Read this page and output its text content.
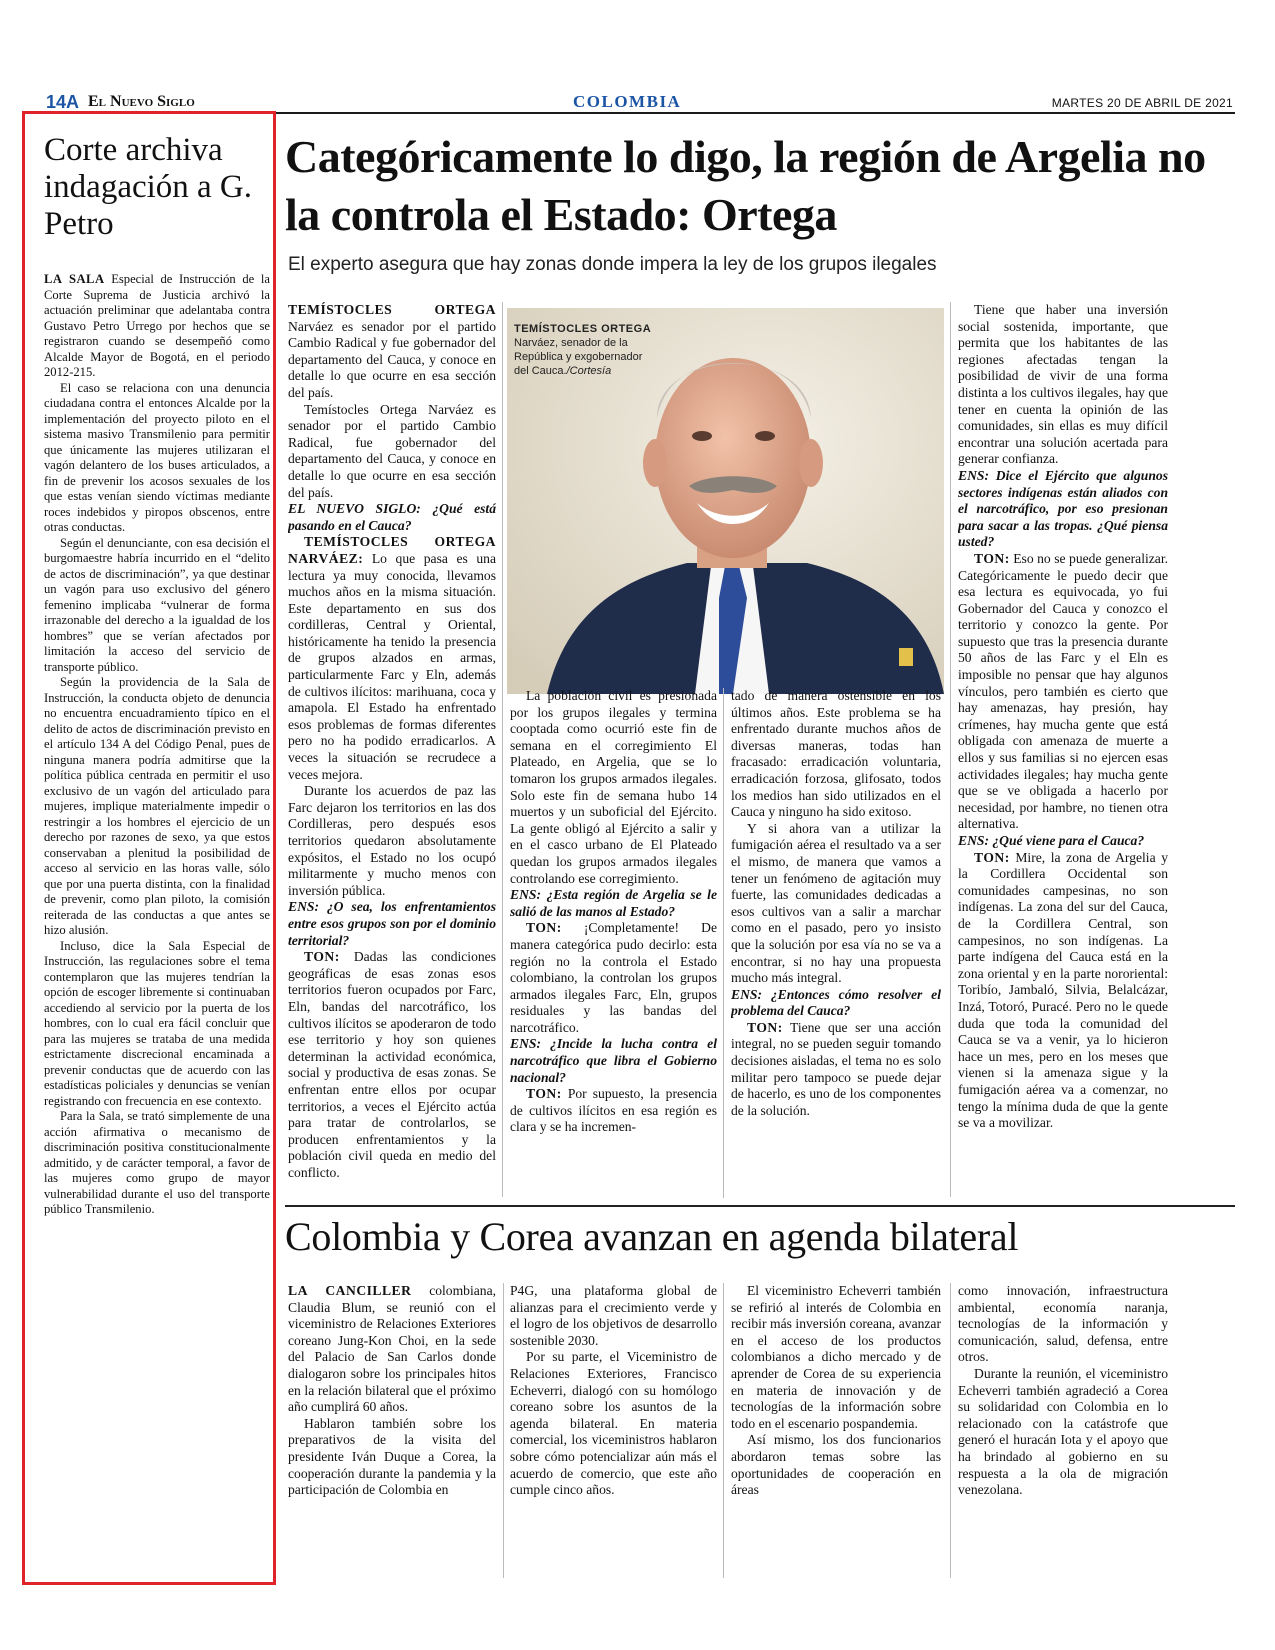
14A El Nuevo Siglo	COLOMBIA	MARTES 20 DE ABRIL DE 2021
Corte archiva indagación a G. Petro

LA SALA Especial de Instrucción de la Corte Suprema de Justicia archivó la actuación preliminar que adelantaba contra Gustavo Petro Urrego por hechos que se registraron cuando se desempeñó como Alcalde Mayor de Bogotá, en el periodo 2012-215.

El caso se relaciona con una denuncia ciudadana contra el entonces Alcalde por la implementación del proyecto piloto en el sistema masivo Transmilenio para permitir que únicamente las mujeres utilizaran el vagón delantero de los buses articulados, a fin de prevenir los acosos sexuales de los que estas venían siendo víctimas mediante roces indebidos y piropos obscenos, entre otras conductas.

Según el denunciante, con esa decisión el burgomaestre habría incurrido en el “delito de actos de discriminación”, ya que destinar un vagón para uso exclusivo del género femenino implicaba “vulnerar de forma irrazonable del derecho a la igualdad de los hombres” que se verían afectados por limitación la acceso del servicio de transporte público.

Según la providencia de la Sala de Instrucción, la conducta objeto de denuncia no encuentra encuadramiento típico en el delito de actos de discriminación previsto en el artículo 134 A del Código Penal, pues de ninguna manera podría admitirse que la política pública centrada en permitir el uso exclusivo de un vagón del articulado para mujeres, implique materialmente impedir o restringir a los hombres el ejercicio de un derecho por razones de sexo, ya que estos conservaban a plenitud la posibilidad de acceso al servicio en las horas valle, sólo que por una puerta distinta, con la finalidad de prevenir, como plan piloto, la comisión reiterada de las conductas a que antes se hizo alusión.

Incluso, dice la Sala Especial de Instrucción, las regulaciones sobre el tema contemplaron que las mujeres tendrían la opción de escoger libremente si continuaban accediendo al servicio por la puerta de los hombres, con lo cual era fácil concluir que para las mujeres se trataba de una medida estrictamente discrecional encaminada a prevenir conductas que de acuerdo con las estadísticas policiales y denuncias se venían registrando con frecuencia en ese contexto.

Para la Sala, se trató simplemente de una acción afirmativa o mecanismo de discriminación positiva constitucionalmente admitido, y de carácter temporal, a favor de las mujeres como grupo de mayor vulnerabilidad durante el uso del transporte público Transmilenio.

Categóricamente lo digo, la región de Argelia no la controla el Estado: Ortega
El experto asegura que hay zonas donde impera la ley de los grupos ilegales

TEMÍSTOCLES ORTEGA Narváez es senador por el partido Cambio Radical y fue gobernador del departamento del Cauca, y conoce en detalle lo que ocurre en esa sección del país.

Temístocles Ortega Narváez es senador por el partido Cambio Radical, fue gobernador del departamento del Cauca, y conoce en detalle lo que ocurre en esa sección del país.

EL NUEVO SIGLO: ¿Qué está pasando en el Cauca?

TEMÍSTOCLES ORTEGA NARVÁEZ: Lo que pasa es una lectura ya muy conocida, llevamos muchos años en la misma situación. Este departamento en sus dos cordilleras, Central y Oriental, históricamente ha tenido la presencia de grupos alzados en armas, particularmente Farc y Eln, además de cultivos ilícitos: marihuana, coca y amapola. El Estado ha enfrentado esos problemas de formas diferentes pero no ha podido erradicarlos. A veces la situación se recrudece a veces mejora.

Durante los acuerdos de paz las Farc dejaron los territorios en las dos Cordilleras, pero después esos territorios quedaron absolutamente expósitos, el Estado no los ocupó militarmente y mucho menos con inversión pública.

ENS: ¿O sea, los enfrentamientos entre esos grupos son por el dominio territorial?

TON: Dadas las condiciones geográficas de esas zonas esos territorios fueron ocupados por Farc, Eln, bandas del narcotráfico, los cultivos ilícitos se apoderaron de todo ese territorio y hoy son quienes determinan la actividad económica, social y productiva de esas zonas. Se enfrentan entre ellos por ocupar territorios, a veces el Ejército actúa para tratar de controlarlos, se producen enfrentamientos y la población civil queda en medio del conflicto.

TEMÍSTOCLES ORTEGA Narváez, senador de la República y exgobernador del Cauca./Cortesía

La población civil es presionada por los grupos ilegales y termina cooptada como ocurrió este fin de semana en el corregimiento El Plateado, en Argelia, que se lo tomaron los grupos armados ilegales. Solo este fin de semana hubo 14 muertos y un suboficial del Ejército. La gente obligó al Ejército a salir y en el casco urbano de El Plateado quedan los grupos armados ilegales controlando ese corregimiento.

ENS: ¿Esta región de Argelia se le salió de las manos al Estado?

TON: ¡Completamente! De manera categórica pudo decirlo: esta región no la controla el Estado colombiano, la controlan los grupos armados ilegales Farc, Eln, grupos residuales y las bandas del narcotráfico.

ENS: ¿Incide la lucha contra el narcotráfico que libra el Gobierno nacional?

TON: Por supuesto, la presencia de cultivos ilícitos en esa región es clara y se ha incremen-

tado de manera ostensible en los últimos años. Este problema se ha enfrentado durante muchos años de diversas maneras, todas han fracasado: erradicación voluntaria, erradicación forzosa, glifosato, todos los medios han sido utilizados en el Cauca y ninguno ha sido exitoso.

Y si ahora van a utilizar la fumigación aérea el resultado va a ser el mismo, de manera que vamos a tener un fenómeno de agitación muy fuerte, las comunidades dedicadas a esos cultivos van a salir a marchar como en el pasado, pero yo insisto que la solución por esa vía no se va a encontrar, si no hay una propuesta mucho más integral.

ENS: ¿Entonces cómo resolver el problema del Cauca?

TON: Tiene que ser una acción integral, no se pueden seguir tomando decisiones aisladas, el tema no es solo militar pero tampoco se puede dejar de hacerlo, es uno de los componentes de la solución.

Tiene que haber una inversión social sostenida, importante, que permita que los habitantes de las regiones afectadas tengan la posibilidad de vivir de una forma distinta a los cultivos ilegales, hay que tener en cuenta la opinión de las comunidades, sin ellas es muy difícil encontrar una solución acertada para generar confianza.

ENS: Dice el Ejército que algunos sectores indígenas están aliados con el narcotráfico, por eso presionan para sacar a las tropas. ¿Qué piensa usted?

TON: Eso no se puede generalizar. Categóricamente le puedo decir que esa lectura es equivocada, yo fui Gobernador del Cauca y conozco el territorio y conozco la gente. Por supuesto que tras la presencia durante 50 años de las Farc y el Eln es imposible no pensar que hay algunos vínculos, pero también es cierto que hay amenazas, hay presión, hay crímenes, hay mucha gente que está obligada con amenaza de muerte a ellos y sus familias si no ejercen esas actividades ilegales; hay mucha gente que se ve obligada a hacerlo por necesidad, por hambre, no tienen otra alternativa.

ENS: ¿Qué viene para el Cauca?

TON: Mire, la zona de Argelia y la Cordillera Occidental son comunidades campesinas, no son indígenas. La zona del sur del Cauca, de la Cordillera Central, son campesinos, no son indígenas. La parte indígena del Cauca está en la zona oriental y en la parte nororiental: Toribío, Jambaló, Silvia, Belalcázar, Inzá, Totoró, Puracé. Pero no le quede duda que toda la comunidad del Cauca se va a venir, ya lo hicieron hace un mes, pero en los meses que vienen si la amenaza sigue y la fumigación aérea va a comenzar, no tengo la mínima duda de que la gente se va a movilizar.

Colombia y Corea avanzan en agenda bilateral

LA CANCILLER colombiana, Claudia Blum, se reunió con el viceministro de Relaciones Exteriores coreano Jung-Kon Choi, en la sede del Palacio de San Carlos donde dialogaron sobre los principales hitos en la relación bilateral que el próximo año cumplirá 60 años.

Hablaron también sobre los preparativos de la visita del presidente Iván Duque a Corea, la cooperación durante la pandemia y la participación de Colombia en

P4G, una plataforma global de alianzas para el crecimiento verde y el logro de los objetivos de desarrollo sostenible 2030.

Por su parte, el Viceministro de Relaciones Exteriores, Francisco Echeverri, dialogó con su homólogo coreano sobre los asuntos de la agenda bilateral. En materia comercial, los viceministros hablaron sobre cómo potencializar aún más el acuerdo de comercio, que este año cumple cinco años.

El viceministro Echeverri también se refirió al interés de Colombia en recibir más inversión coreana, avanzar en el acceso de los productos colombianos a dicho mercado y de aprender de Corea de su experiencia en materia de innovación y de tecnologías de la información sobre todo en el escenario pospandemia.

Así mismo, los dos funcionarios abordaron temas sobre las oportunidades de cooperación en áreas

como innovación, infraestructura ambiental, economía naranja, tecnologías de la información y comunicación, salud, defensa, entre otros.

Durante la reunión, el viceministro Echeverri también agradeció a Corea su solidaridad con Colombia en lo relacionado con la catástrofe que generó el huracán Iota y el apoyo que ha brindado al gobierno en su respuesta a la ola de migración venezolana.
